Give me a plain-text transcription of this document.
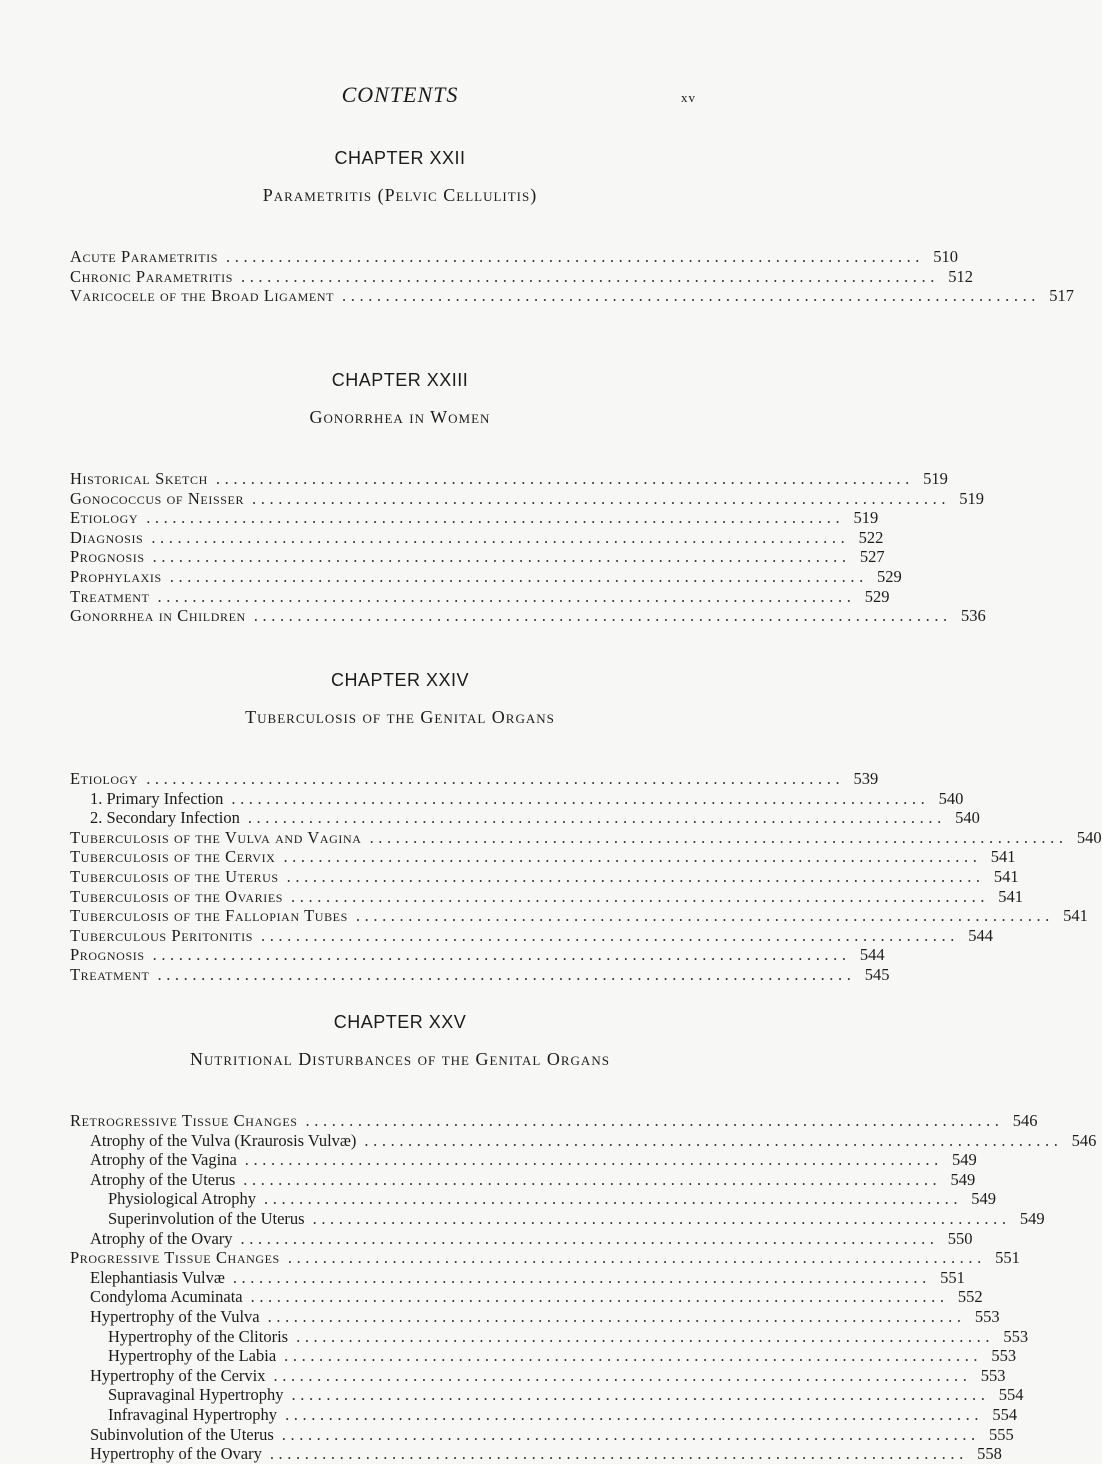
CONTENTS	xv
CHAPTER XXII
Parametritis (Pelvic Cellulitis)
Acute Parametritis ................................................................................ 510
Chronic Parametritis ................................................................................ 512
Varicocele of the Broad Ligament ................................................................................ 517
CHAPTER XXIII
Gonorrhea in Women
Historical Sketch ................................................................................ 519
Gonococcus of Neisser ................................................................................ 519
Etiology ................................................................................ 519
Diagnosis ................................................................................ 522
Prognosis ................................................................................ 527
Prophylaxis ................................................................................ 529
Treatment ................................................................................ 529
Gonorrhea in Children ................................................................................ 536
CHAPTER XXIV
Tuberculosis of the Genital Organs
Etiology ................................................................................ 539
1. Primary Infection ................................................................................ 540
2. Secondary Infection ................................................................................ 540
Tuberculosis of the Vulva and Vagina ................................................................................ 540
Tuberculosis of the Cervix ................................................................................ 541
Tuberculosis of the Uterus ................................................................................ 541
Tuberculosis of the Ovaries ................................................................................ 541
Tuberculosis of the Fallopian Tubes ................................................................................ 541
Tuberculous Peritonitis ................................................................................ 544
Prognosis ................................................................................ 544
Treatment ................................................................................ 545
CHAPTER XXV
Nutritional Disturbances of the Genital Organs
Retrogressive Tissue Changes ................................................................................ 546
Atrophy of the Vulva (Kraurosis Vulvæ) ................................................................................ 546
Atrophy of the Vagina ................................................................................ 549
Atrophy of the Uterus ................................................................................ 549
Physiological Atrophy ................................................................................ 549
Superinvolution of the Uterus ................................................................................ 549
Atrophy of the Ovary ................................................................................ 550
Progressive Tissue Changes ................................................................................ 551
Elephantiasis Vulvæ ................................................................................ 551
Condyloma Acuminata ................................................................................ 552
Hypertrophy of the Vulva ................................................................................ 553
Hypertrophy of the Clitoris ................................................................................ 553
Hypertrophy of the Labia ................................................................................ 553
Hypertrophy of the Cervix ................................................................................ 553
Supravaginal Hypertrophy ................................................................................ 554
Infravaginal Hypertrophy ................................................................................ 554
Subinvolution of the Uterus ................................................................................ 555
Hypertrophy of the Ovary ................................................................................ 558
